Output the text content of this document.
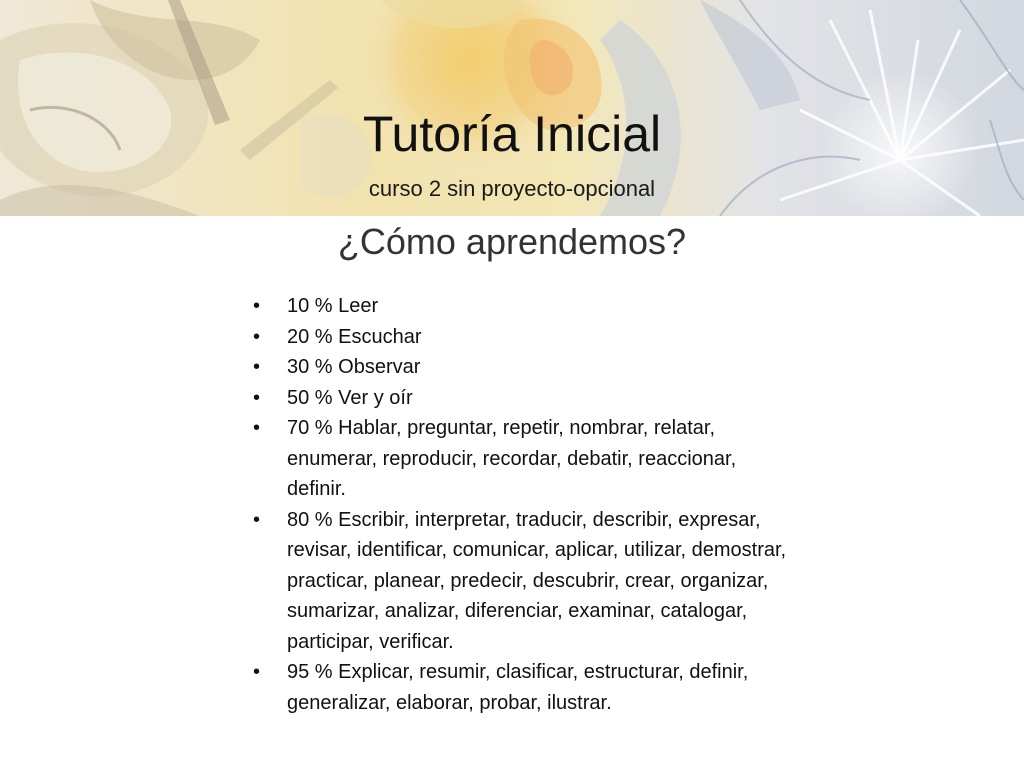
Tutoría Inicial

curso 2 sin proyecto-opcional

¿Cómo aprendemos?
•	10 % Leer
•	20 % Escuchar
•	30 % Observar
•	50 % Ver y oír
•	70 % Hablar, preguntar, repetir, nombrar, relatar, enumerar, reproducir, recordar, debatir, reaccionar, definir.
•	80 % Escribir, interpretar, traducir, describir, expresar, revisar, identificar, comunicar, aplicar, utilizar, demostrar, practicar, planear, predecir, descubrir, crear, organizar, sumarizar, analizar, diferenciar, examinar, catalogar, participar, verificar.
•	95 % Explicar, resumir, clasificar, estructurar, definir, generalizar, elaborar, probar, ilustrar.
